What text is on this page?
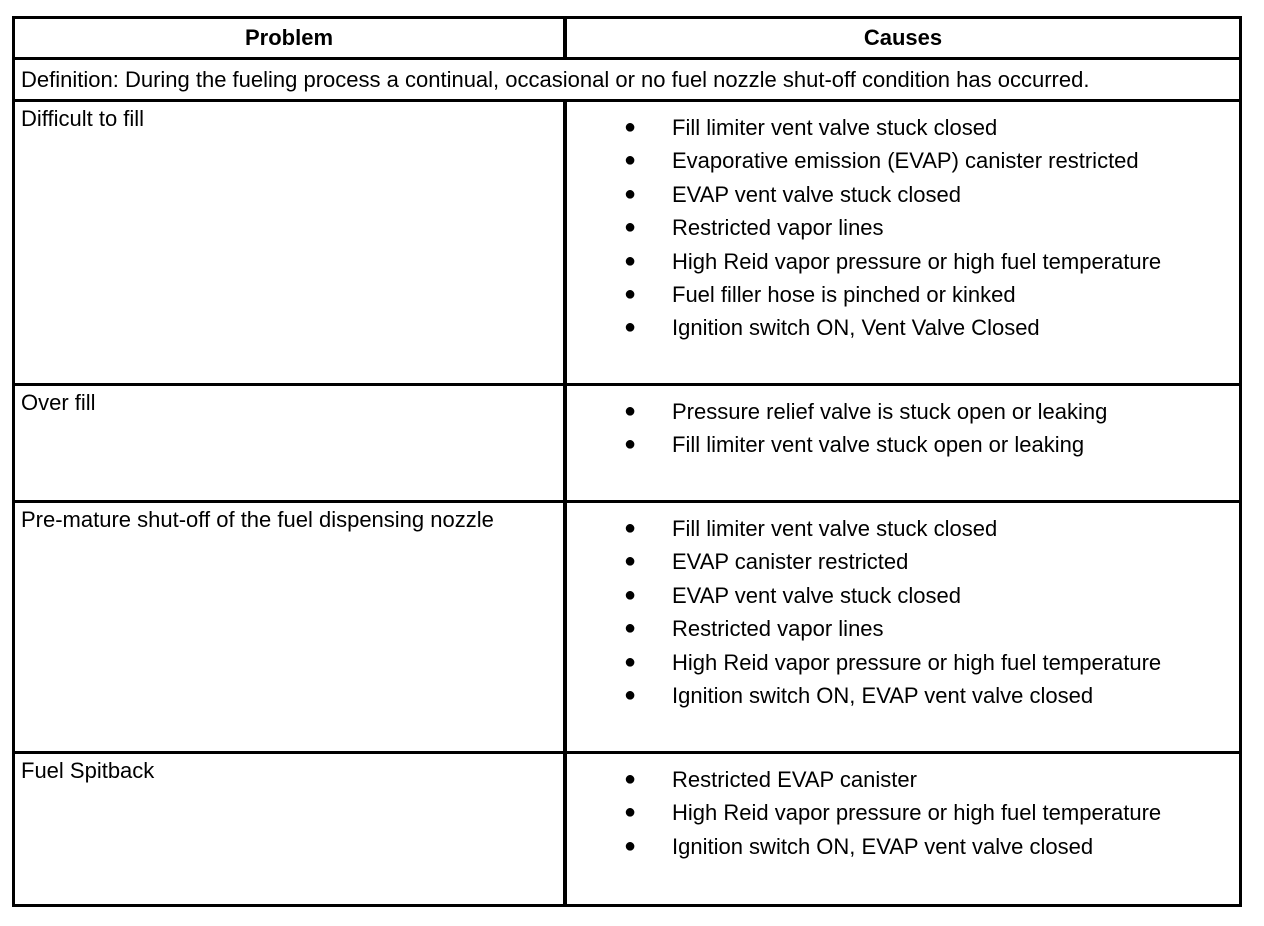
Problem	Causes
Definition: During the fueling process a continual, occasional or no fuel nozzle shut-off condition has occurred.
Difficult to fill	● Fill limiter vent valve stuck closed
● Evaporative emission (EVAP) canister restricted
● EVAP vent valve stuck closed
● Restricted vapor lines
● High Reid vapor pressure or high fuel temperature
● Fuel filler hose is pinched or kinked
● Ignition switch ON, Vent Valve Closed
Over fill	● Pressure relief valve is stuck open or leaking
● Fill limiter vent valve stuck open or leaking
Pre-mature shut-off of the fuel dispensing nozzle	● Fill limiter vent valve stuck closed
● EVAP canister restricted
● EVAP vent valve stuck closed
● Restricted vapor lines
● High Reid vapor pressure or high fuel temperature
● Ignition switch ON, EVAP vent valve closed
Fuel Spitback	● Restricted EVAP canister
● High Reid vapor pressure or high fuel temperature
● Ignition switch ON, EVAP vent valve closed
